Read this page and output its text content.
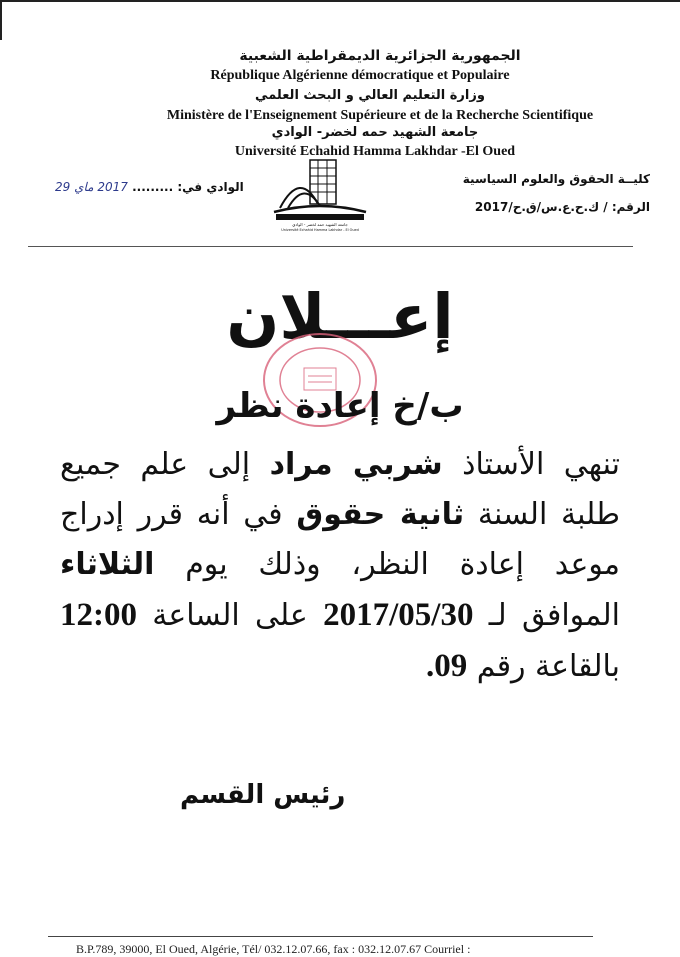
الجمهورية الجزائرية الديمقراطية الشعبية
République Algérienne démocratique et Populaire
وزارة التعليم العالي و البحث العلمي
Ministère de l'Enseignement Supérieure et de la Recherche Scientifique
جامعة الشهيد حمه لخضر- الوادي
Université Echahid Hamma Lakhdar -El Oued
كليــة الحقوق والعلوم السياسية
الرقم: / ك.ح.ع.س/ق.ح/2017
الوادي في: ......... 2017 ماي 29
جامعة الشهيد حمه لخضر - الوادي
Université Echahid Hamma Lakhdar - El Oued
إعـــلان
ب/خ إعادة نظر
تنهي الأستاذ شربي مراد إلى علم جميع طلبة السنة ثانية حقوق في أنه قرر إدراج موعد إعادة النظر، وذلك يوم الثلاثاء الموافق لـ 2017/05/30 على الساعة 12:00 بالقاعة رقم 09.
رئيس القسم
B.P.789, 39000, El Oued, Algérie, Tél/ 032.12.07.66, fax : 032.12.07.67 Courriel :
